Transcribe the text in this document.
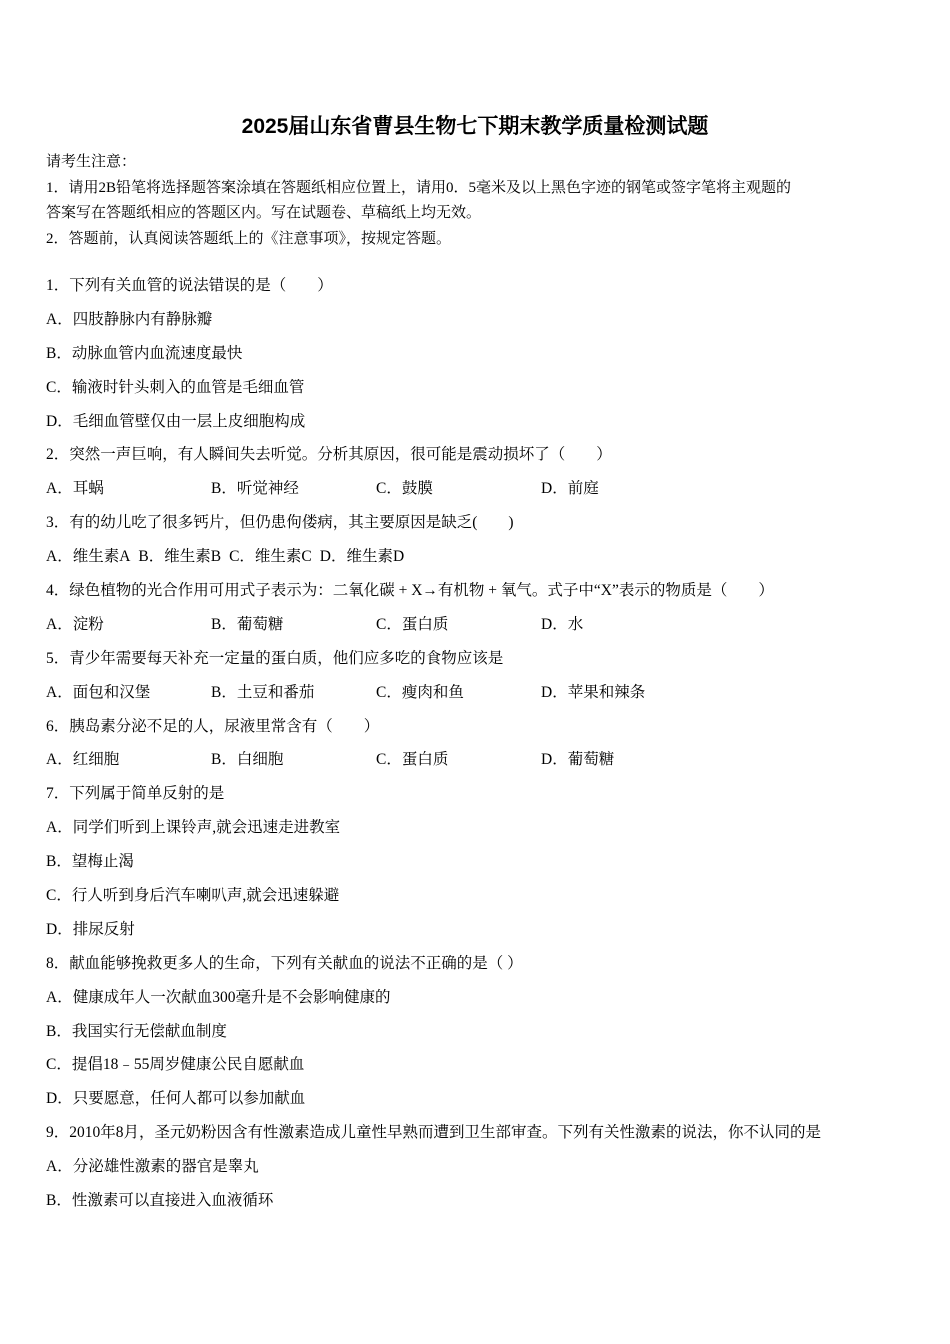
2025届山东省曹县生物七下期末教学质量检测试题
请考生注意：
1．请用2B铅笔将选择题答案涂填在答题纸相应位置上，请用0．5毫米及以上黑色字迹的钢笔或签字笔将主观题的
答案写在答题纸相应的答题区内。写在试题卷、草稿纸上均无效。
2．答题前，认真阅读答题纸上的《注意事项》，按规定答题。
1．下列有关血管的说法错误的是（　　）
A．四肢静脉内有静脉瓣
B．动脉血管内血流速度最快
C．输液时针头刺入的血管是毛细血管
D．毛细血管壁仅由一层上皮细胞构成
2．突然一声巨响，有人瞬间失去听觉。分析其原因，很可能是震动损坏了（　　）
A．耳蜗	B．听觉神经	C．鼓膜	D．前庭
3．有的幼儿吃了很多钙片，但仍患佝偻病，其主要原因是缺乏(　　)
A．维生素A B．维生素B C．维生素C D．维生素D
4．绿色植物的光合作用可用式子表示为：二氧化碳 + X→有机物 + 氧气。式子中“X”表示的物质是（　　）
A．淀粉	B．葡萄糖	C．蛋白质	D．水
5．青少年需要每天补充一定量的蛋白质，他们应多吃的食物应该是
A．面包和汉堡	B．土豆和番茄	C．瘦肉和鱼	D．苹果和辣条
6．胰岛素分泌不足的人，尿液里常含有（　　）
A．红细胞	B．白细胞	C．蛋白质	D．葡萄糖
7．下列属于简单反射的是
A．同学们听到上课铃声,就会迅速走进教室
B．望梅止渴
C．行人听到身后汽车喇叭声,就会迅速躲避
D．排尿反射
8．献血能够挽救更多人的生命，下列有关献血的说法不正确的是（ ）
A．健康成年人一次献血300毫升是不会影响健康的
B．我国实行无偿献血制度
C．提倡18﹣55周岁健康公民自愿献血
D．只要愿意，任何人都可以参加献血
9．2010年8月，圣元奶粉因含有性激素造成儿童性早熟而遭到卫生部审查。下列有关性激素的说法，你不认同的是
A．分泌雄性激素的器官是睾丸
B．性激素可以直接进入血液循环
